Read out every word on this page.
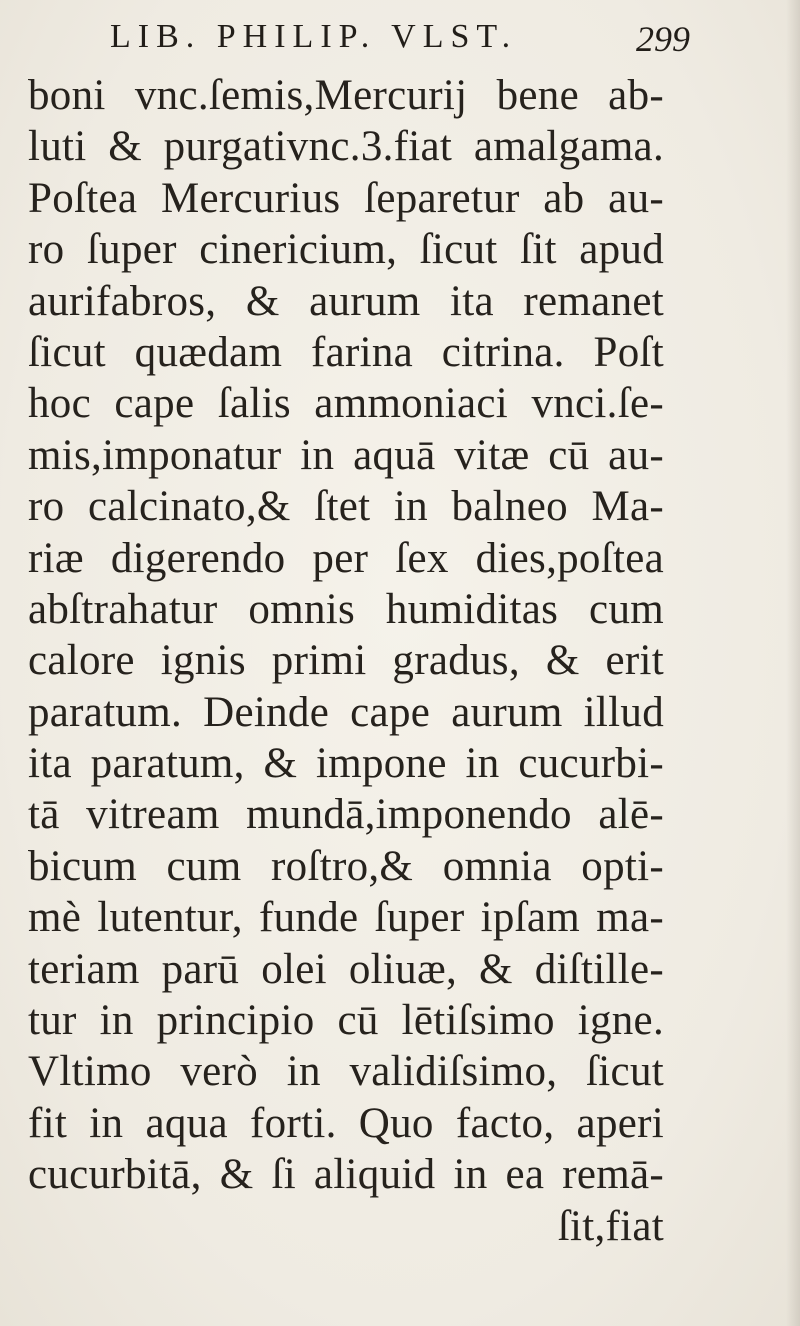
LIB. PHILIP. VLST.	299
boni vnc.ſemis,Mercurij bene ab-
luti & purgativnc.3.fiat amalgama.
Poſtea Mercurius ſeparetur ab au-
ro ſuper cinericium, ſicut ſit apud
aurifabros, & aurum ita remanet
ſicut quædam farina citrina. Poſt
hoc cape ſalis ammoniaci vnci.ſe-
mis,imponatur in aquā vitæ cū au-
ro calcinato,& ſtet in balneo Ma-
riæ digerendo per ſex dies,poſtea
abſtrahatur omnis humiditas cum
calore ignis primi gradus, & erit
paratum. Deinde cape aurum illud
ita paratum, & impone in cucurbi-
tā vitream mundā,imponendo alē-
bicum cum roſtro,& omnia opti-
mè lutentur, funde ſuper ipſam ma-
teriam parū olei oliuæ, & diſtille-
tur in principio cū lētiſsimo igne.
Vltimo verò in validiſsimo, ſicut
fit in aqua forti. Quo facto, aperi
cucurbitā, & ſi aliquid in ea remā-
ſit,fiat
